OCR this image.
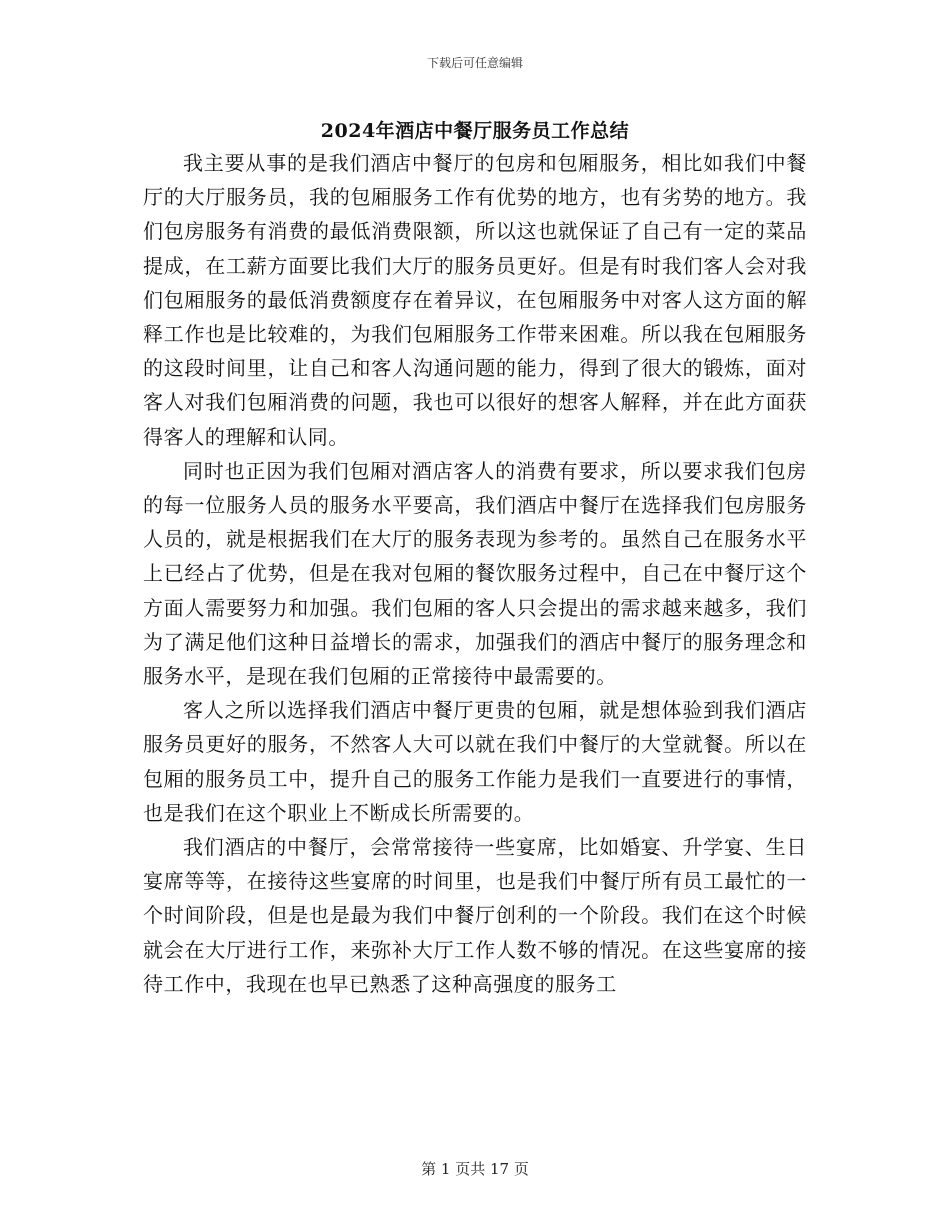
下载后可任意编辑
2024年酒店中餐厅服务员工作总结

我主要从事的是我们酒店中餐厅的包房和包厢服务，相比如我们中餐厅的大厅服务员，我的包厢服务工作有优势的地方，也有劣势的地方。我们包房服务有消费的最低消费限额，所以这也就保证了自己有一定的菜品提成，在工薪方面要比我们大厅的服务员更好。但是有时我们客人会对我们包厢服务的最低消费额度存在着异议，在包厢服务中对客人这方面的解释工作也是比较难的，为我们包厢服务工作带来困难。所以我在包厢服务的这段时间里，让自己和客人沟通问题的能力，得到了很大的锻炼，面对客人对我们包厢消费的问题，我也可以很好的想客人解释，并在此方面获得客人的理解和认同。

同时也正因为我们包厢对酒店客人的消费有要求，所以要求我们包房的每一位服务人员的服务水平要高，我们酒店中餐厅在选择我们包房服务人员的，就是根据我们在大厅的服务表现为参考的。虽然自己在服务水平上已经占了优势，但是在我对包厢的餐饮服务过程中，自己在中餐厅这个方面人需要努力和加强。我们包厢的客人只会提出的需求越来越多，我们为了满足他们这种日益增长的需求，加强我们的酒店中餐厅的服务理念和服务水平，是现在我们包厢的正常接待中最需要的。

客人之所以选择我们酒店中餐厅更贵的包厢，就是想体验到我们酒店服务员更好的服务，不然客人大可以就在我们中餐厅的大堂就餐。所以在包厢的服务员工中，提升自己的服务工作能力是我们一直要进行的事情，也是我们在这个职业上不断成长所需要的。

我们酒店的中餐厅，会常常接待一些宴席，比如婚宴、升学宴、生日宴席等等，在接待这些宴席的时间里，也是我们中餐厅所有员工最忙的一个时间阶段，但是也是最为我们中餐厅创利的一个阶段。我们在这个时候就会在大厅进行工作，来弥补大厅工作人数不够的情况。在这些宴席的接待工作中，我现在也早已熟悉了这种高强度的服务工

第 1 页共 17 页
